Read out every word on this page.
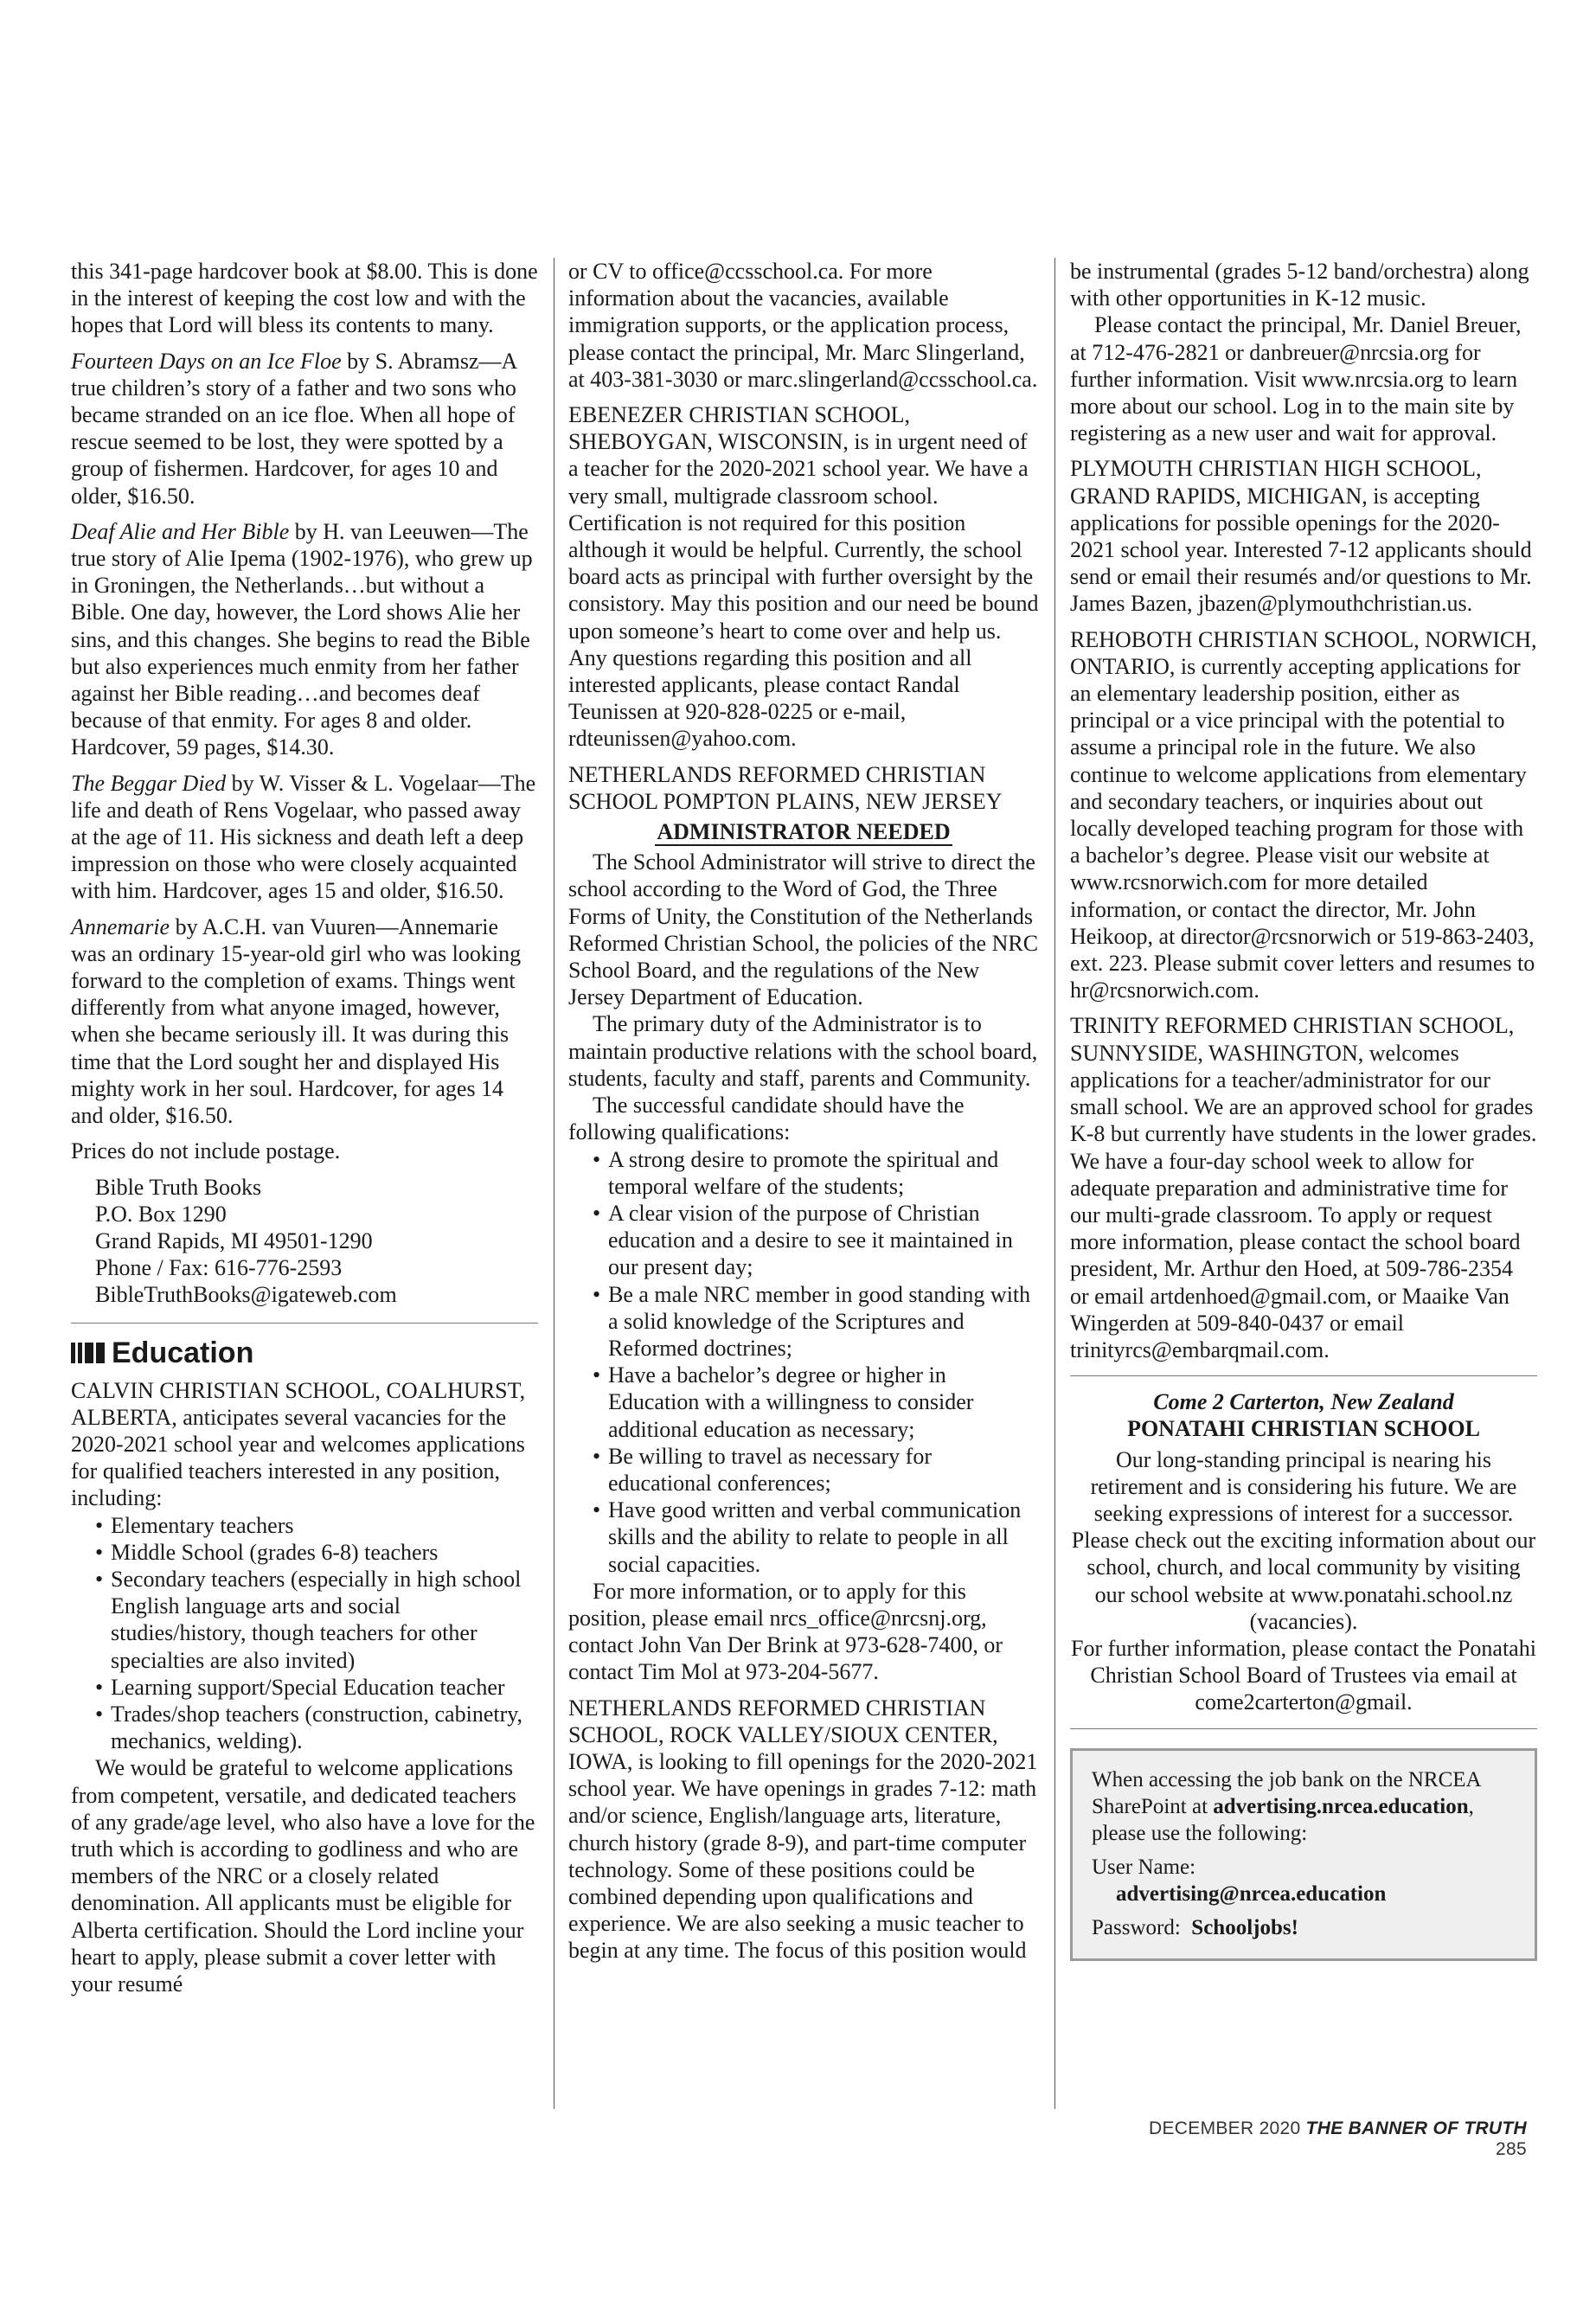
this 341-page hardcover book at $8.00. This is done in the interest of keeping the cost low and with the hopes that Lord will bless its contents to many.

Fourteen Days on an Ice Floe by S. Abramsz—A true children’s story of a father and two sons who became stranded on an ice floe. When all hope of rescue seemed to be lost, they were spotted by a group of fishermen. Hardcover, for ages 10 and older, $16.50.

Deaf Alie and Her Bible by H. van Leeuwen—The true story of Alie Ipema (1902-1976), who grew up in Groningen, the Netherlands…but without a Bible. One day, however, the Lord shows Alie her sins, and this changes. She begins to read the Bible but also experiences much enmity from her father against her Bible reading…and becomes deaf because of that enmity. For ages 8 and older. Hardcover, 59 pages, $14.30.

The Beggar Died by W. Visser & L. Vogelaar—The life and death of Rens Vogelaar, who passed away at the age of 11. His sickness and death left a deep impression on those who were closely acquainted with him. Hardcover, ages 15 and older, $16.50.

Annemarie by A.C.H. van Vuuren—Annemarie was an ordinary 15-year-old girl who was looking forward to the completion of exams. Things went differently from what anyone imaged, however, when she became seriously ill. It was during this time that the Lord sought her and displayed His mighty work in her soul. Hardcover, for ages 14 and older, $16.50.

Prices do not include postage.

Bible Truth Books
P.O. Box 1290
Grand Rapids, MI 49501-1290
Phone / Fax: 616-776-2593
BibleTruthBooks@igateweb.com
Education

CALVIN CHRISTIAN SCHOOL, COALHURST, ALBERTA, anticipates several vacancies for the 2020-2021 school year and welcomes applications for qualified teachers interested in any position, including:

• Elementary teachers
• Middle School (grades 6-8) teachers
• Secondary teachers (especially in high school English language arts and social studies/history, though teachers for other specialties are also invited)
• Learning support/Special Education teacher
• Trades/shop teachers (construction, cabinetry, mechanics, welding).

We would be grateful to welcome applications from competent, versatile, and dedicated teachers of any grade/age level, who also have a love for the truth which is according to godliness and who are members of the NRC or a closely related denomination. All applicants must be eligible for Alberta certification. Should the Lord incline your heart to apply, please submit a cover letter with your resumé

or CV to office@ccsschool.ca. For more information about the vacancies, available immigration supports, or the application process, please contact the principal, Mr. Marc Slingerland, at 403-381-3030 or marc.slingerland@ccsschool.ca.

EBENEZER CHRISTIAN SCHOOL, SHEBOYGAN, WISCONSIN, is in urgent need of a teacher for the 2020-2021 school year. We have a very small, multigrade classroom school. Certification is not required for this position although it would be helpful. Currently, the school board acts as principal with further oversight by the consistory. May this position and our need be bound upon someone’s heart to come over and help us. Any questions regarding this position and all interested applicants, please contact Randal Teunissen at 920-828-0225 or e-mail, rdteunissen@yahoo.com.

NETHERLANDS REFORMED CHRISTIAN SCHOOL POMPTON PLAINS, NEW JERSEY

ADMINISTRATOR NEEDED

The School Administrator will strive to direct the school according to the Word of God, the Three Forms of Unity, the Constitution of the Netherlands Reformed Christian School, the policies of the NRC School Board, and the regulations of the New Jersey Department of Education.

The primary duty of the Administrator is to maintain productive relations with the school board, students, faculty and staff, parents and Community.

The successful candidate should have the following qualifications:

• A strong desire to promote the spiritual and temporal welfare of the students;
• A clear vision of the purpose of Christian education and a desire to see it maintained in our present day;
• Be a male NRC member in good standing with a solid knowledge of the Scriptures and Reformed doctrines;
• Have a bachelor’s degree or higher in Education with a willingness to consider additional education as necessary;
• Be willing to travel as necessary for educational conferences;
• Have good written and verbal communication skills and the ability to relate to people in all social capacities.

For more information, or to apply for this position, please email nrcs_office@nrcsnj.org, contact John Van Der Brink at 973-628-7400, or contact Tim Mol at 973-204-5677.

NETHERLANDS REFORMED CHRISTIAN SCHOOL, ROCK VALLEY/SIOUX CENTER, IOWA, is looking to fill openings for the 2020-2021 school year. We have openings in grades 7-12: math and/or science, English/language arts, literature, church history (grade 8-9), and part-time computer technology. Some of these positions could be combined depending upon qualifications and experience. We are also seeking a music teacher to begin at any time. The focus of this position would

be instrumental (grades 5-12 band/orchestra) along with other opportunities in K-12 music.

Please contact the principal, Mr. Daniel Breuer, at 712-476-2821 or danbreuer@nrcsia.org for further information. Visit www.nrcsia.org to learn more about our school. Log in to the main site by registering as a new user and wait for approval.

PLYMOUTH CHRISTIAN HIGH SCHOOL, GRAND RAPIDS, MICHIGAN, is accepting applications for possible openings for the 2020-2021 school year. Interested 7-12 applicants should send or email their resumés and/or questions to Mr. James Bazen, jbazen@plymouthchristian.us.

REHOBOTH CHRISTIAN SCHOOL, NORWICH, ONTARIO, is currently accepting applications for an elementary leadership position, either as principal or a vice principal with the potential to assume a principal role in the future. We also continue to welcome applications from elementary and secondary teachers, or inquiries about out locally developed teaching program for those with a bachelor’s degree. Please visit our website at www.rcsnorwich.com for more detailed information, or contact the director, Mr. John Heikoop, at director@rcsnorwich or 519-863-2403, ext. 223. Please submit cover letters and resumes to hr@rcsnorwich.com.

TRINITY REFORMED CHRISTIAN SCHOOL, SUNNYSIDE, WASHINGTON, welcomes applications for a teacher/administrator for our small school. We are an approved school for grades K-8 but currently have students in the lower grades. We have a four-day school week to allow for adequate preparation and administrative time for our multi-grade classroom. To apply or request more information, please contact the school board president, Mr. Arthur den Hoed, at 509-786-2354 or email artdenhoed@gmail.com, or Maaike Van Wingerden at 509-840-0437 or email trinityrcs@embarqmail.com.

Come 2 Carterton, New Zealand
PONATAHI CHRISTIAN SCHOOL
Our long-standing principal is nearing his retirement and is considering his future. We are seeking expressions of interest for a successor. Please check out the exciting information about our school, church, and local community by visiting our school website at www.ponatahi.school.nz (vacancies).
For further information, please contact the Ponatahi Christian School Board of Trustees via email at come2carterton@gmail.

When accessing the job bank on the NRCEA SharePoint at advertising.nrcea.education, please use the following:

User Name:
advertising@nrcea.education
Password: Schooljobs!
DECEMBER 2020 THE BANNER OF TRUTH 285
